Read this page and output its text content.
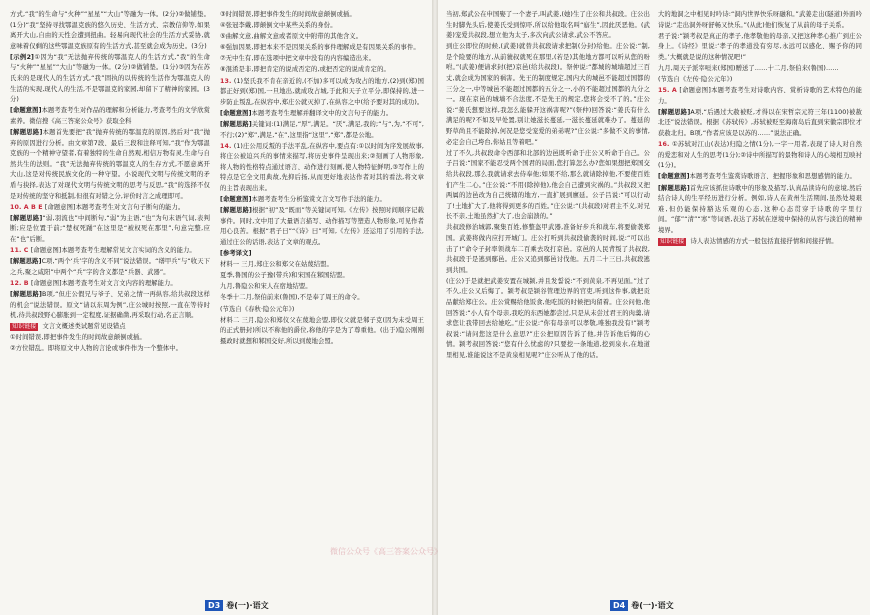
方式,“我”的生命与“火种”“星星”“大山”等融为一体。(2分)②做铺垫。(1分)“我”坚持寻找鄂温克族的悠久历史、生活方式、宗教信仰等,如果离开大山,自由的天性会遭到扭曲。轻易向现代社会的生活方式妥协,就意味着仅剩的这些鄂温克族原有的生活方式,甚至就会成为历史。(3分)

[示例2]①因为“我”无法抛弃传统的鄂温克人的生活方式,“我”的生命与“火种”“星星”“大山”等融为一体。(2分)②做铺垫。(1分)③因为在苏氏来的是现代人的生活方式,“我”固执的以传统的生活作为鄂温克人的生活的实现,现代人的生活,不是鄂温克的家园,却留下了精神的家园。(3分)

[命题意图]本题考查考生对作品的理解和分析能力,考查考生的文学欣赏素养。微信搜《高三答案公众号》获取全科

[解题思路]本题首先要把“我”抛弃传统的鄂温克的原因,然后对“我”抛弃的原因进行分析。由文章第7段、最后三段和注释可知,“我”作为鄂温克族的一个精神守望者,有着独特的生命自然观,相信万物有灵,生命与自然共生的法则。“我”无法抛弃传统的鄂温克人的生存方式,不愿意离开大山,这是对传统民族文化的一种守望。小说现代文明与传统文明的矛盾与抉择,表达了对现代文明与传统文明的思考与反思,“我”的选择不仅是对传统的坚守和抵制,但很有对错之分,评价时言之成理即可。

10. A B E [命题意图]本题考查考生对文言句子断句的能力。

[解题思路]“弱,羽流也”中间断句,“弱”为主语,“也”为句末语气词,表判断;应是位置于前;“楚权死踊”在这里是“被权死在那里”,句意完整,应在“也”后断。

11. C [命题意图]本题考查考生理解常见文言实词的含义的能力。

[解题思路]C项,“两个‘兵’字的含义不同”说法错误。“缮甲兵”与“收天下之兵,聚之咸阳”中两个“兵”字的含义都是“兵器、武器”。

12. B [命题意图]本题考查考生对文言文内容的理解能力。

[解题思路]B项,“但庄公假兄与爷子、兄弟之情一再纵容,给共叔段这样的机会”说法错误。原文“请以东周为例”,庄公城时按照,一直在等待时机,待共叔段野心膨胀到一定程度,证据确凿,再采取行动,名正言顺。

知识链接 文言文概述类试题常见设错点

①时间错误,即把事件发生的时间故意颠倒或插。

②方位错乱。即将原文中人物的言论或事件作为一个整体中。

③时间错误,即把事件发生的时间故意颠倒或插。

④张冠李戴,即颠倒文中某些关系的身份。

⑤曲解文意,曲解文意或者原文中附带的其他含义。

⑥强加因果,即把本来不是因果关系的事件理解成是有因果关系的事件。

⑦无中生有,即在选项中把文章中没有的内容编造出来。

⑧混淆是非,即把肯定的说成否定的,或把否定的说成肯定的。

13. (1)坚氏我不肯在亲近的,(不加)多可以成为攻占的地方,(2)到(郑)国都正好到(郑)国,一旦地出,就成攻占城,于此和天子立平分,即保持的,进一步防止叛乱,在纵容中,郑庄公就灭掉了,在纵容之中(给予要对其的成功)。

[命题意图]本题考查考生理解并翻译文中的文言句子的能力。

[解题思路]关键词:(1)满足,“厚”,满足。“厌”,满足,我的;“与“,为,“不可”,不行;(2)“郑”,满足,“在”,这里指“这里”,“郑”,都是公地。

14. (1)庄公用反叛的手法平乱,在纵容中,要点有:①以时间为序发展故事,将庄公被迫兴兵的事情来描写,将历史事件呈现出来;②刻画了人物形象,将人物的性格特点通过语言、动作进行刻画,使人物特征鲜明,③写作上的特点是它全文用典故,先抑后扬,从而更好地表达作者对其的看法,将文章的主旨表现出来。

[命题意图]本题考查考生分析鉴赏文言文写作手法的能力。

[解题思路]根据“初”及“既而”等关键词可知,《左传》按照时间顺序记载事件。同时,文中用了大量语言描写、动作描写等塑造人物形象,可见作者用心良苦。根据“君子曰”“《诗》曰”可知,《左传》还运用了引用的手法,通过庄公的话语,表达了文章的观点。

[参考译文]

材料一 三月,郑庄公和郑父在姑蔑结盟。

夏季,鲁国的公子豫(带兵)和宋国在邾国结盟。

九月,鲁隐公和宋人在宿地结盟。

冬季十二月,祭伯前来(鲁国),不是奉了周王的命令。

(节选自《春秋·隐公元年》)

材料二 三月,隐公和郑仪父在蔑地会盟,即仪父就是邾子克(因为未受周王的正式册封)所以不称他的爵位,称他的字是为了尊重他。(出于)隐公刚刚摄政时就想和邾国交好,所以到蔑地会盟。

D3 卷(一)·语文

当初,郑武公在申国娶了一个妻子,叫武姜,(她)生了庄公和共叔段。庄公出生时脚先头后,使姜氏受到惊吓,所以给他取名叫“寤生”,因此厌恶他。(武姜)宠爱共叔段,想立他为太子,多次向武公请求,武公不答应。

到庄公即位的时候,(武姜)就替共叔段请求把制(分封)给他。庄公说:“制,是个险要的地方,从前虢叔就死在那里,(若是)其他地方都可以听从您的吩咐。”(武姜)便请求封(把)京邑(给共叔段)。祭仲说:“都城的城墙超过三百丈,就会成为国家的祸害。先王的制度规定,国内大的城邑不能超过国都的三分之一,中等城邑不能超过国都的五分之一,小的不能超过国都的九分之一。现在京邑的城墙不合法度,不是先王的规定,您将会受不了的。”庄公说:“姜氏想要这样,我怎么能躲开这祸害呢?”(祭仲)回答说:“姜氏有什么满足的呢?不如及早处置,别让她滋长蔓延,一滋长蔓延就难办了。蔓延的野草尚且不能除掉,何况是您受宠爱的弟弟呢?”庄公说:“多做不义的事情,必定会自己垮台,你姑且等着吧。”

过了不久,共叔段命令西部和北部的边邑既听命于庄公又听命于自己。公子吕说:“国家不能忍受两个国君的局面,您打算怎么办?您如果想把郑国交给共叔段,那么我就请求去侍奉他;如果不给,那么就请除掉他,不要使百姓们产生二心。”庄公说:“不用(除掉他),他会自己遭到灾祸的。”共叔段又把两属的边邑改为自己统辖的地方,一直扩展到廪延。公子吕说:“可以行动了!土地扩大了,他将得到更多的百姓。”庄公说:“(共叔段)对君主不义,对兄长不亲,土地虽然扩大了,也会崩溃的。”

共叔段修治城郭,聚集百姓,修整盔甲武器,准备好步兵和战车,将要偷袭郑国。武姜将做内应打开城门。庄公打听到共叔段偷袭的时间,说:“可以出击了!”命令子封率领战车二百乘去攻打京邑。京邑的人民背叛了共叔段,共叔段于是逃到鄢邑。庄公又追到鄢邑讨伐他。五月二十三日,共叔段逃到共国。

(庄公)于是就把武姜安置在城颍,并且发誓说:“不到黄泉,不再见面。”过了不久,庄公又后悔了。颍考叔是颍谷管理边界的官吏,听到这件事,就把贡品献给郑庄公。庄公赏赐给他饭食,他吃饭的时候把肉留着。庄公问他,他回答说:“小人有个母亲,我吃的东西她都尝过,只是从未尝过君王的肉羹,请求您让我带回去给她吃。”庄公说:“你有母亲可以孝敬,唯独我没有!”颍考叔说:“请问您这是什么意思?”庄公把原因告诉了他,并告诉他后悔的心情。颍考叔回答说:“您有什么忧虑的?只要挖一条地道,挖到泉水,在地道里相见,谁能说这不是黄泉相见呢?”庄公听从了他的话。

大的地洞之中相见时吟诗:“洞内世界快乐呀融和。”武姜走出(隧道)外面吟诗说:“走出洞外呀舒畅又快乐。”(从此)他们恢复了从前的母子关系。

君子说:“颍考叔是真正的孝子,他孝敬他的母亲,又把这种孝心推广到庄公身上。《诗经》里说:‘孝子的孝道没有穷尽,永远可以感化、赐予你的同类。’大概就是说的这种情况吧!”

九月,周天子派宰咺来(郑国)赠送了……十二月,祭伯来(鲁国)……

(节选自《左传·隐公元年》)

15. A [命题意图]本题考查考生对诗歌内容、赏析诗歌的艺术特色的能力。

[解题思路]A项,“后遇过大赦被贬,才得以在宋哲宗元符三年(1100)被赦北还”说法错误。根据《苏轼传》,苏轼被贬至海南岛后直到宋徽宗即位才获赦北归。B项,“作者应该是以苏的……”说法正确。

16. ①苏轼对江山(表达)归隐之情(1分),一字一用者,表现了诗人对自然的爱恋和对人生的思考(1分);②诗中所描写的景物和诗人的心境相互映衬(1分)。

[命题意图]本题考查考生鉴赏诗歌语言、把握形象和思想感情的能力。

[解题思路]首先应该抓住诗歌中的形象及描写,认真品读诗句的意境,然后结合诗人的生平经历进行分析。例如,诗人在黄州生活期间,虽然处境艰难,但仍能保持豁达乐观的心态,这种心态贯穿于诗歌的字里行间。“郁”“清”“寒”等词语,表达了苏轼在逆境中保持的从容与淡泊的精神境界。

知识链接 诗人表达情感的方式一般包括直接抒情和间接抒情。

D4 卷(一)·语文
微信公众号《高三答案公众号》
